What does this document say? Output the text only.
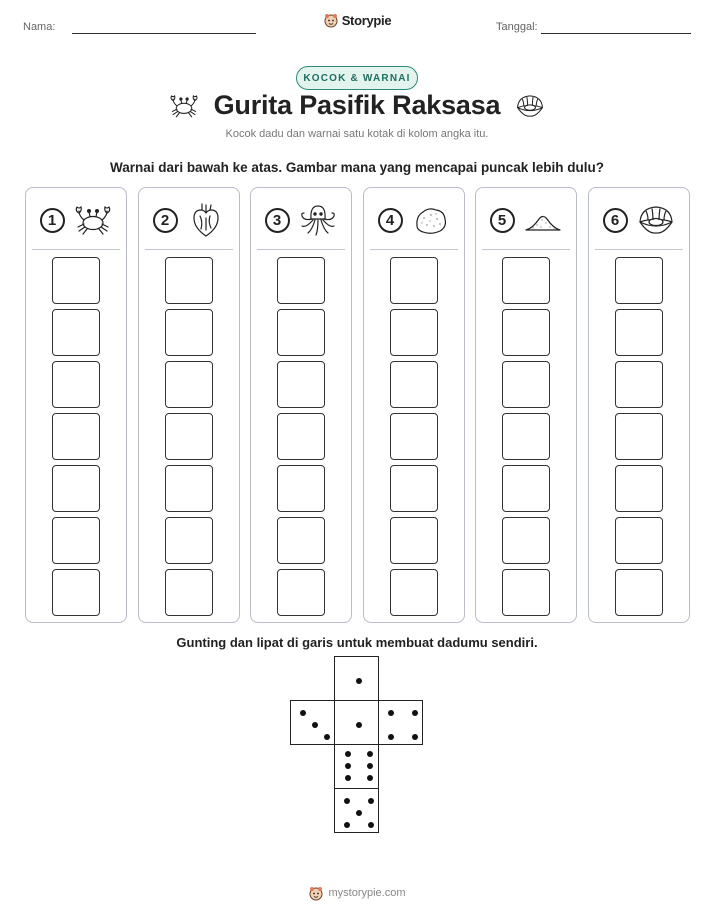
Nama:	Storypie	Tanggal:
KOCOK & WARNAI
Gurita Pasifik Raksasa
Kocok dadu dan warnai satu kotak di kolom angka itu.
Warnai dari bawah ke atas. Gambar mana yang mencapai puncak lebih dulu?
1	2	3	4	5	6
Gunting dan lipat di garis untuk membuat dadumu sendiri.
mystorypie.com
